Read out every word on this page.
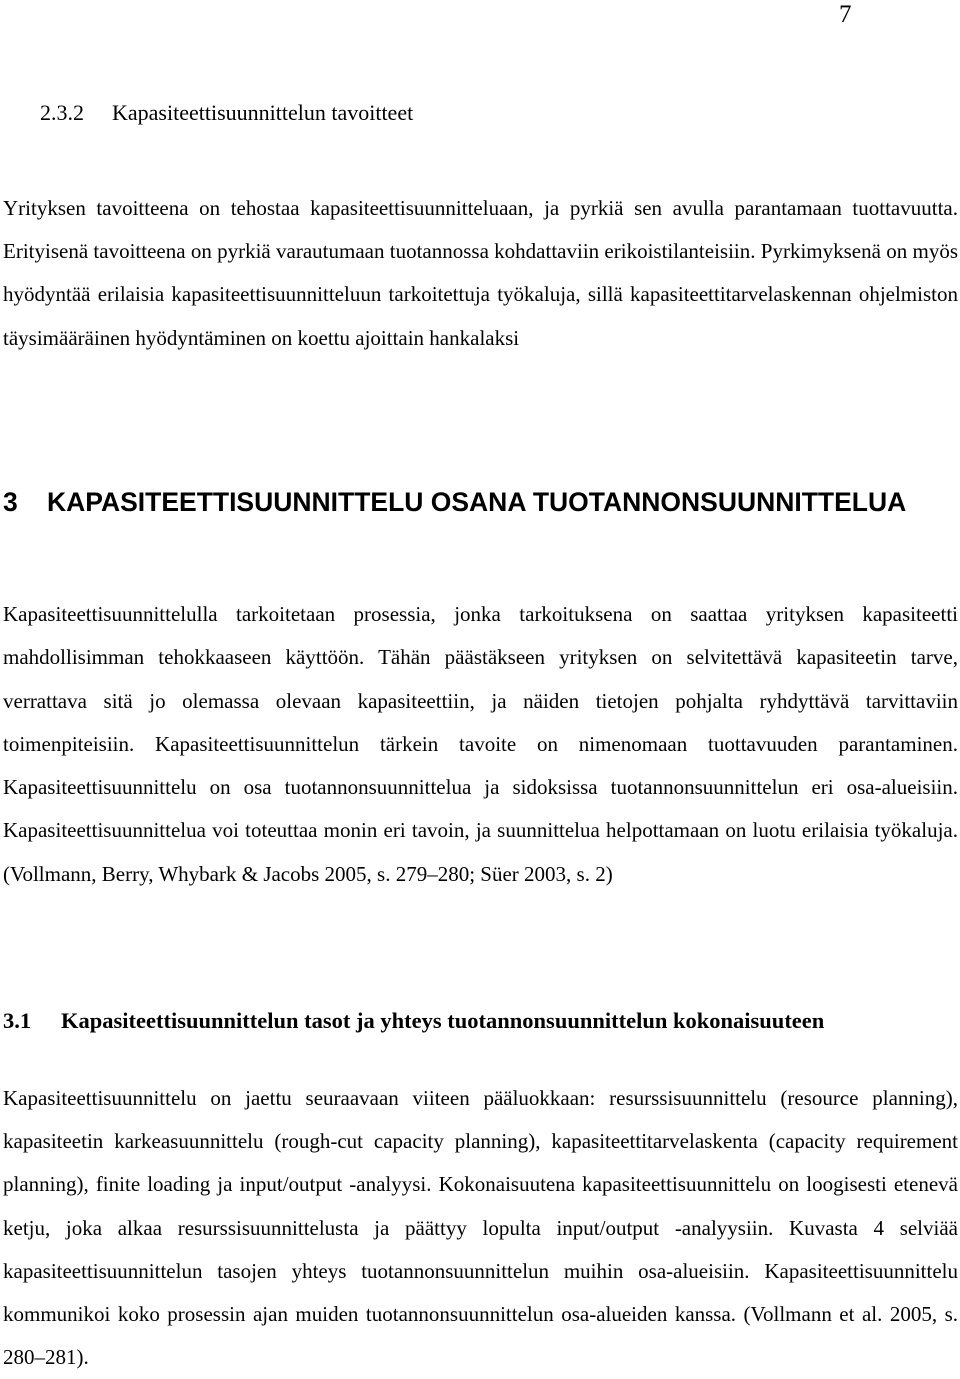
7
2.3.2 Kapasiteettisuunnittelun tavoitteet

Yrityksen tavoitteena on tehostaa kapasiteettisuunnitteluaan, ja pyrkiä sen avulla parantamaan tuottavuutta. Erityisenä tavoitteena on pyrkiä varautumaan tuotannossa kohdattaviin erikoistilanteisiin. Pyrkimyksenä on myös hyödyntää erilaisia kapasiteettisuunnitteluun tarkoitettuja työkaluja, sillä kapasiteettitarvelaskennan ohjelmiston täysimääräinen hyödyntäminen on koettu ajoittain hankalaksi

3 KAPASITEETTISUUNNITTELU OSANA TUOTANNONSUUNNITTELUA

Kapasiteettisuunnittelulla tarkoitetaan prosessia, jonka tarkoituksena on saattaa yrityksen kapasiteetti mahdollisimman tehokkaaseen käyttöön. Tähän päästäkseen yrityksen on selvitettävä kapasiteetin tarve, verrattava sitä jo olemassa olevaan kapasiteettiin, ja näiden tietojen pohjalta ryhdyttävä tarvittaviin toimenpiteisiin. Kapasiteettisuunnittelun tärkein tavoite on nimenomaan tuottavuuden parantaminen. Kapasiteettisuunnittelu on osa tuotannonsuunnittelua ja sidoksissa tuotannonsuunnittelun eri osa-alueisiin. Kapasiteettisuunnittelua voi toteuttaa monin eri tavoin, ja suunnittelua helpottamaan on luotu erilaisia työkaluja. (Vollmann, Berry, Whybark & Jacobs 2005, s. 279–280; Süer 2003, s. 2)

3.1 Kapasiteettisuunnittelun tasot ja yhteys tuotannonsuunnittelun kokonaisuuteen

Kapasiteettisuunnittelu on jaettu seuraavaan viiteen pääluokkaan: resurssisuunnittelu (resource planning), kapasiteetin karkeasuunnittelu (rough-cut capacity planning), kapasiteettitarvelaskenta (capacity requirement planning), finite loading ja input/output -analyysi. Kokonaisuutena kapasiteettisuunnittelu on loogisesti etenevä ketju, joka alkaa resurssisuunnittelusta ja päättyy lopulta input/output -analyysiin. Kuvasta 4 selviää kapasiteettisuunnittelun tasojen yhteys tuotannonsuunnittelun muihin osa-alueisiin. Kapasiteettisuunnittelu kommunikoi koko prosessin ajan muiden tuotannonsuunnittelun osa-alueiden kanssa. (Vollmann et al. 2005, s. 280–281).
